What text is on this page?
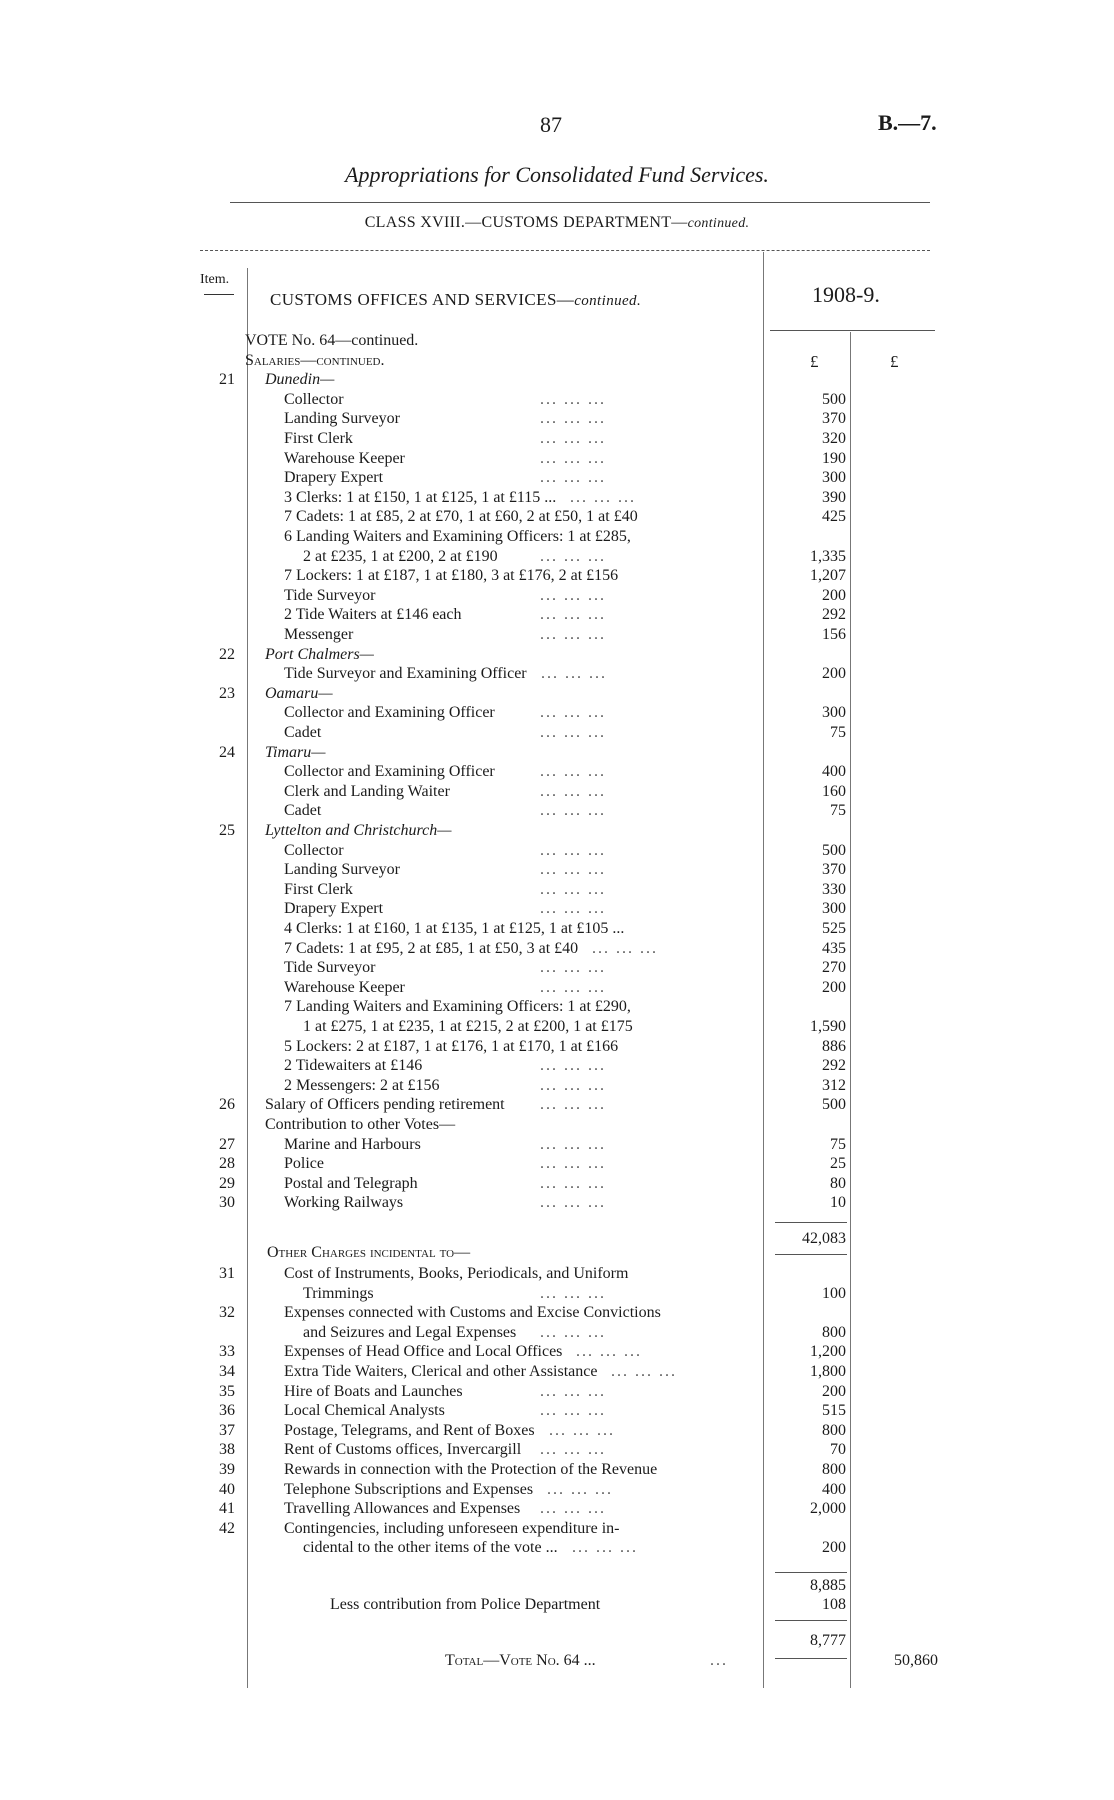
87	B.—7.
Appropriations for Consolidated Fund Services.
CLASS XVIII.—CUSTOMS DEPARTMENT—continued.
Item.
CUSTOMS OFFICES AND SERVICES—continued.	1908-9.
£	£
VOTE No. 64—continued.
Salaries—continued.
21 Dunedin—
Collector	... ... ...	500
Landing Surveyor	... ... ...	370
First Clerk	... ... ...	320
Warehouse Keeper	... ... ...	190
Drapery Expert	... ... ...	300
3 Clerks: 1 at £150, 1 at £125, 1 at £115 ... ... ... ...	390
7 Cadets: 1 at £85, 2 at £70, 1 at £60, 2 at £50, 1 at £40	425
6 Landing Waiters and Examining Officers: 1 at £285,
2 at £235, 1 at £200, 2 at £190	... ... ...	1,335
7 Lockers: 1 at £187, 1 at £180, 3 at £176, 2 at £156	1,207
Tide Surveyor	... ... ...	200
2 Tide Waiters at £146 each	... ... ...	292
Messenger	... ... ...	156
22 Port Chalmers—
Tide Surveyor and Examining Officer ... ... ...	200
23 Oamaru—
Collector and Examining Officer	... ... ...	300
Cadet	... ... ...	75
24 Timaru—
Collector and Examining Officer	... ... ...	400
Clerk and Landing Waiter	... ... ...	160
Cadet	... ... ...	75
25 Lyttelton and Christchurch—
Collector	... ... ...	500
Landing Surveyor	... ... ...	370
First Clerk	... ... ...	330
Drapery Expert	... ... ...	300
4 Clerks: 1 at £160, 1 at £135, 1 at £125, 1 at £105 ...	525
7 Cadets: 1 at £95, 2 at £85, 1 at £50, 3 at £40 ... ... ...	435
Tide Surveyor	... ... ...	270
Warehouse Keeper	... ... ...	200
7 Landing Waiters and Examining Officers: 1 at £290,
1 at £275, 1 at £235, 1 at £215, 2 at £200, 1 at £175	1,590
5 Lockers: 2 at £187, 1 at £176, 1 at £170, 1 at £166	886
2 Tidewaiters at £146	... ... ...	292
2 Messengers: 2 at £156	... ... ...	312
26 Salary of Officers pending retirement ... ... ...	500
Contribution to other Votes—
27	Marine and Harbours	... ... ...	75
28	Police	... ... ...	25
29	Postal and Telegraph	... ... ...	80
30	Working Railways	... ... ...	10
42,083
Other Charges incidental to—
31	Cost of Instruments, Books, Periodicals, and Uniform
Trimmings	... ... ...	100
32	Expenses connected with Customs and Excise Convictions
and Seizures and Legal Expenses ... ... ...	800
33	Expenses of Head Office and Local Offices ... ... ...	1,200
34	Extra Tide Waiters, Clerical and other Assistance ... ... ...	1,800
35	Hire of Boats and Launches	... ... ...	200
36	Local Chemical Analysts	... ... ...	515
37	Postage, Telegrams, and Rent of Boxes ... ... ...	800
38	Rent of Customs offices, Invercargill ... ... ...	70
39	Rewards in connection with the Protection of the Revenue	800
40	Telephone Subscriptions and Expenses ... ... ...	400
41	Travelling Allowances and Expenses ... ... ...	2,000
42	Contingencies, including unforeseen expenditure in-
cidental to the other items of the vote ... ... ... ...	200
8,885
Less contribution from Police Department	108
8,777
Total—Vote No. 64 ...	...	50,860
